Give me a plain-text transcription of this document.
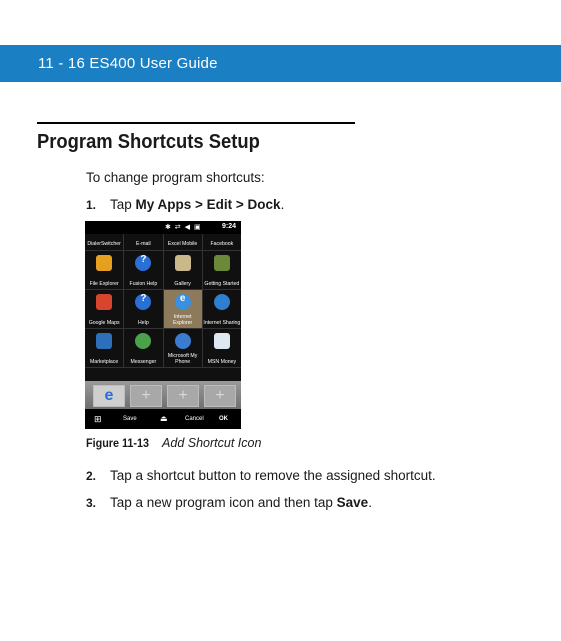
11 - 16 ES400 User Guide
Program Shortcuts Setup
To change program shortcuts:
1. Tap My Apps > Edit > Dock.
✱ ⇄ ◀ ▣	9:24
DialerSwitcher	E-mail	Excel Mobile	Facebook
File Explorer
?
Fusion Help	Gallery	Getting Started
Google Maps
?
Help
e
Internet Explorer	Internet Sharing
Marketplace	Messenger
Microsoft My Phone	MSN Money
e	+	+	+
⊞	Save	⏏	Cancel	OK
Figure 11-13 Add Shortcut Icon
2. Tap a shortcut button to remove the assigned shortcut.
3. Tap a new program icon and then tap Save.
